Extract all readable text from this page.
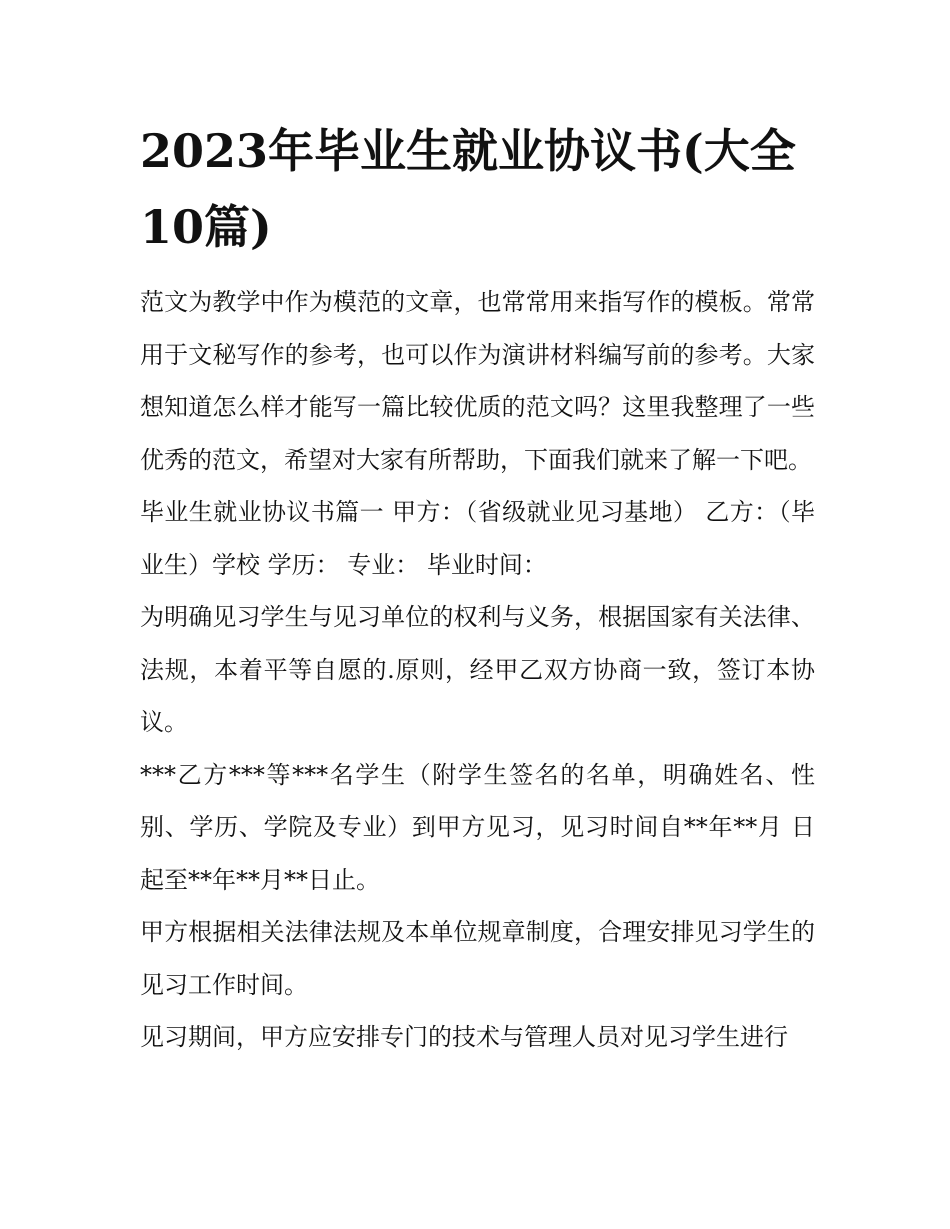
2023年毕业生就业协议书(大全10篇)

范文为教学中作为模范的文章，也常常用来指写作的模板。常常用于文秘写作的参考，也可以作为演讲材料编写前的参考。大家想知道怎么样才能写一篇比较优质的范文吗？这里我整理了一些优秀的范文，希望对大家有所帮助，下面我们就来了解一下吧。

毕业生就业协议书篇一 甲方：（省级就业见习基地） 乙方：（毕业生）学校 学历： 专业： 毕业时间：

为明确见习学生与见习单位的权利与义务，根据国家有关法律、法规，本着平等自愿的.原则，经甲乙双方协商一致，签订本协议。

***乙方***等***名学生（附学生签名的名单，明确姓名、性别、学历、学院及专业）到甲方见习，见习时间自**年**月 日起至**年**月**日止。

甲方根据相关法律法规及本单位规章制度，合理安排见习学生的见习工作时间。

见习期间，甲方应安排专门的技术与管理人员对见习学生进行
